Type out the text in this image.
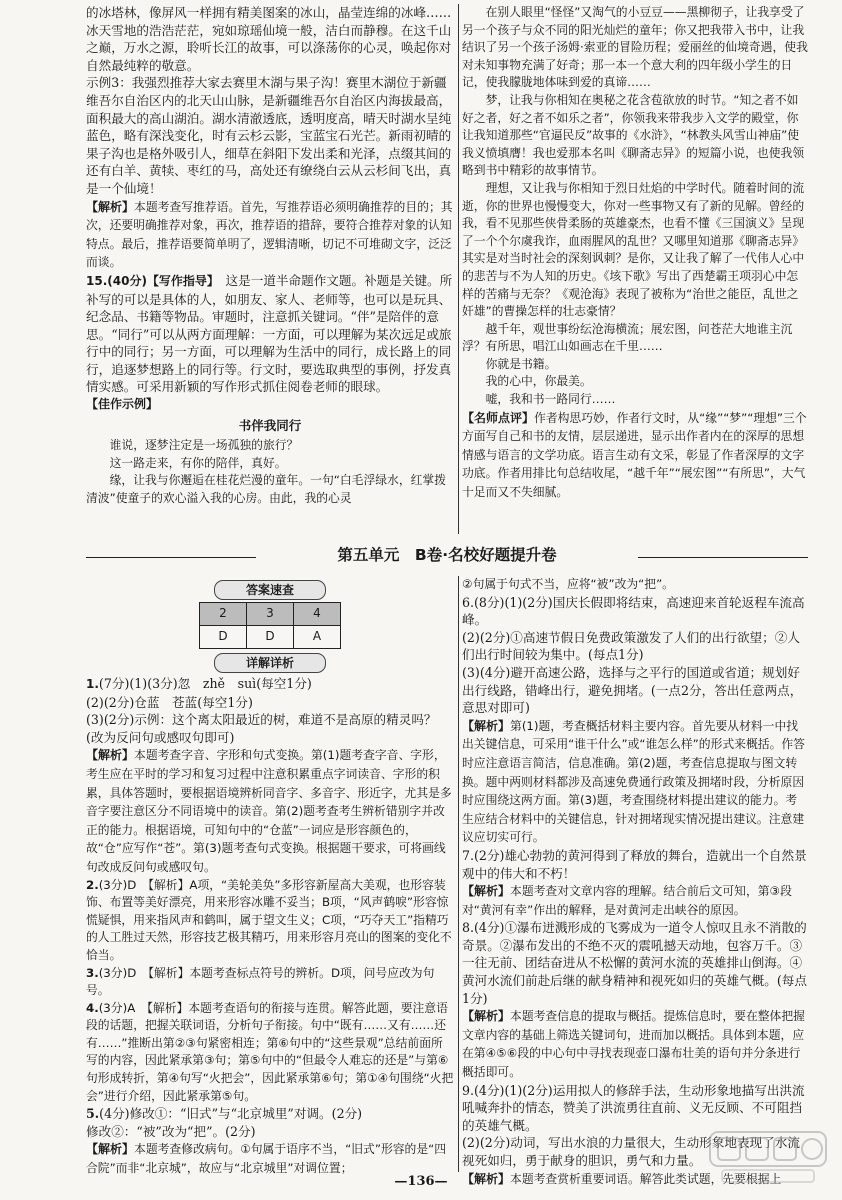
的冰塔林，像屏风一样拥有精美图案的冰山，晶莹连绵的冰峰……冰天雪地的浩浩茫茫，宛如琼瑶仙境一般，洁白而静穆。在这千山之巅，万水之源，聆听长江的故事，可以涤荡你的心灵，唤起你对自然最纯粹的敬意。

示例3：我强烈推荐大家去赛里木湖与果子沟！赛里木湖位于新疆维吾尔自治区内的北天山山脉，是新疆维吾尔自治区内海拔最高，面积最大的高山湖泊。湖水清澈透底，透明度高，晴天时湖水呈纯蓝色，略有深浅变化，时有云杉云影，宝蓝宝石光芒。新雨初晴的果子沟也是格外吸引人，细草在斜阳下发出柔和光泽，点缀其间的还有白羊、黄犊、枣红的马，高处还有缭绕白云从云杉间飞出，真是一个仙境！

【解析】本题考查写推荐语。首先，写推荐语必须明确推荐的目的；其次，还要明确推荐对象，再次，推荐语的措辞，要符合推荐对象的认知特点。最后，推荐语要简单明了，逻辑清晰，切记不可堆砌文字，泛泛而谈。

15.(40分)【写作指导】　 这是一道半命题作文题。补题是关键。所补写的可以是具体的人，如朋友、家人、老师等，也可以是玩具、纪念品、书籍等物品。审题时，注意抓关键词。“伴”是陪伴的意思。“同行”可以从两方面理解：一方面，可以理解为某次远足或旅行中的同行；另一方面，可以理解为生活中的同行，成长路上的同行，追逐梦想路上的同行等。行文时，要选取典型的事例，抒发真情实感。可采用新颖的写作形式抓住阅卷老师的眼球。

【佳作示例】

书伴我同行

谁说，逐梦注定是一场孤独的旅行？

这一路走来，有你的陪伴，真好。

缘，让我与你邂逅在桂花烂漫的童年。一句“白毛浮绿水，红掌拨清波”使童子的欢心溢入我的心房。由此，我的心灵

在别人眼里“怪怪”又淘气的小豆豆——黑柳彻子，让我享受了另一个孩子与众不同的阳光灿烂的童年；你又把我带入书中，让我结识了另一个孩子汤姆·索亚的冒险历程；爱丽丝的仙境奇遇，使我对未知事物充满了好奇；那一本一个意大利的四年级小学生的日记，使我朦胧地体味到爱的真谛……

梦，让我与你相知在奥秘之花含苞欲放的时节。“知之者不如好之者，好之者不如乐之者”，你领我来带我步入文学的殿堂，你让我知道那些“官逼民反”故事的《水浒》，“林教头风雪山神庙”使我义愤填膺！我也爱那本名叫《聊斋志异》的短篇小说，也使我领略到书中精彩的故事情节。

理想，又让我与你相知于烈日灶焰的中学时代。随着时间的流逝，你的世界也慢慢变大，你对一些事物又有了新的见解。曾经的我，看不见那些侠骨柔肠的英雄豪杰，也看不懂《三国演义》呈现了一个个尔虞我诈，血雨腥风的乱世？又哪里知道那《聊斋志异》其实是对当时社会的深刻讽刺？是你，又让我了解了一代伟人心中的悲苦与不为人知的历史。《垓下歌》写出了西楚霸王项羽心中怎样的苦痛与无奈？《观沧海》表现了被称为“治世之能臣，乱世之奸雄”的曹操怎样的壮志豪情？

越千年，观世事纷纭沧海横流；展宏图，问苍茫大地谁主沉浮？有所思，唱江山如画志在千里……

你就是书籍。

我的心中，你最美。

嘘，我和书一路同行……

【名师点评】作者构思巧妙，作者行文时，从“缘”“梦”“理想”三个方面写自己和书的友情，层层递进，显示出作者内在的深厚的思想情感与语言的文学功底。语言生动有文采，彰显了作者深厚的文字功底。作者用排比句总结收尾，“越千年”“展宏图”“有所思”，大气十足而又不失细腻。

第五单元　B卷·名校好题提升卷
答案速查
2	3	4
D	D	A
详解详析

1.(7分)(1)(3分)忽　zhě　suì(每空1分)

(2)(2分)仓蓝　苍蓝(每空1分)

(3)(2分)示例：这个离太阳最近的树，难道不是高原的精灵吗？(改为反问句或感叹句即可)

【解析】本题考查字音、字形和句式变换。第(1)题考查字音、字形，考生应在平时的学习和复习过程中注意积累重点字词读音、字形的积累，具体答题时，要根据语境辨析同音字、多音字、形近字，尤其是多音字要注意区分不同语境中的读音。第(2)题考查考生辨析错别字并改正的能力。根据语境，可知句中的“仓蓝”一词应是形容颜色的，故“仓”应写作“苍”。第(3)题考查句式变换。根据题干要求，可将画线句改成反问句或感叹句。

2.(3分)D　【解析】A项，“美轮美奂”多形容新屋高大美观，也形容装饰、布置等美好漂亮，用来形容冰雕不妥当；B项，“风声鹤唳”形容惊慌疑惧，用来指风声和鹤叫，属于望文生义；C项，“巧夺天工”指精巧的人工胜过天然，形容技艺极其精巧，用来形容月亮山的图案的变化不恰当。

3.(3分)D　【解析】本题考查标点符号的辨析。D项，问号应改为句号。

4.(3分)A　【解析】本题考查语句的衔接与连贯。解答此题，要注意语段的话题，把握关联词语，分析句子衔接。句中“既有……又有……还有……”推断出第②③句紧密相连；第⑥句中的“这些景观”总结前面所写的内容，因此紧承第③句；第⑤句中的“但最令人难忘的还是”与第⑥句形成转折，第④句写“火把会”，因此紧承第⑥句；第①④句围绕“火把会”进行介绍，因此紧承第⑤句。

5.(4分)修改①：“旧式”与“北京城里”对调。(2分)

修改②：“被”改为“把”。(2分)

【解析】本题考查修改病句。①句属于语序不当，“旧式”形容的是“四合院”而非“北京城”，故应与“北京城里”对调位置；

②句属于句式不当，应将“被”改为“把”。

6.(8分)(1)(2分)国庆长假即将结束，高速迎来首轮返程车流高峰。

(2)(2分)①高速节假日免费政策激发了人们的出行欲望；②人们出行时间较为集中。(每点1分)

(3)(4分)避开高速公路，选择与之平行的国道或省道；规划好出行线路，错峰出行，避免拥堵。(一点2分，答出任意两点，意思对即可)

【解析】第(1)题，考查概括材料主要内容。首先要从材料一中找出关键信息，可采用“谁干什么”或“谁怎么样”的形式来概括。作答时应注意语言简洁，信息准确。第(2)题，考查信息提取与图文转换。题中两则材料都涉及高速免费通行政策及拥堵时段，分析原因时应围绕这两方面。第(3)题，考查围绕材料提出建议的能力。考生应结合材料中的关键信息，针对拥堵现实情况提出建议。注意建议应切实可行。

7.(2分)雄心勃勃的黄河得到了释放的舞台，造就出一个自然景观中的伟大和不朽！

【解析】本题考查对文章内容的理解。结合前后文可知，第③段对“黄河有幸”作出的解释，是对黄河走出峡谷的原因。

8.(4分)①瀑布迸溅形成的飞雾成为一道令人惊叹且永不消散的奇景。②瀑布发出的不绝不灭的震吼撼天动地，包容万千。③一往无前、团结奋进从不松懈的黄河水流的英雄排山倒海。④黄河水流们前赴后继的献身精神和视死如归的英雄气概。(每点1分)

【解析】本题考查信息的提取与概括。提炼信息时，要在整体把握文章内容的基础上筛选关键词句，进而加以概括。具体到本题，应在第④⑤⑥段的中心句中寻找表现壶口瀑布壮美的语句并分条进行概括即可。

9.(4分)(1)(2分)运用拟人的修辞手法，生动形象地描写出洪流吼喊奔扑的情态，赞美了洪流勇往直前、义无反顾、不可阻挡的英雄气概。

(2)(2分)动词，写出水浪的力量很大，生动形象地表现了水流视死如归，勇于献身的胆识，勇气和力量。

【解析】本题考查赏析重要词语。解答此类试题，先要根据上

—136—
